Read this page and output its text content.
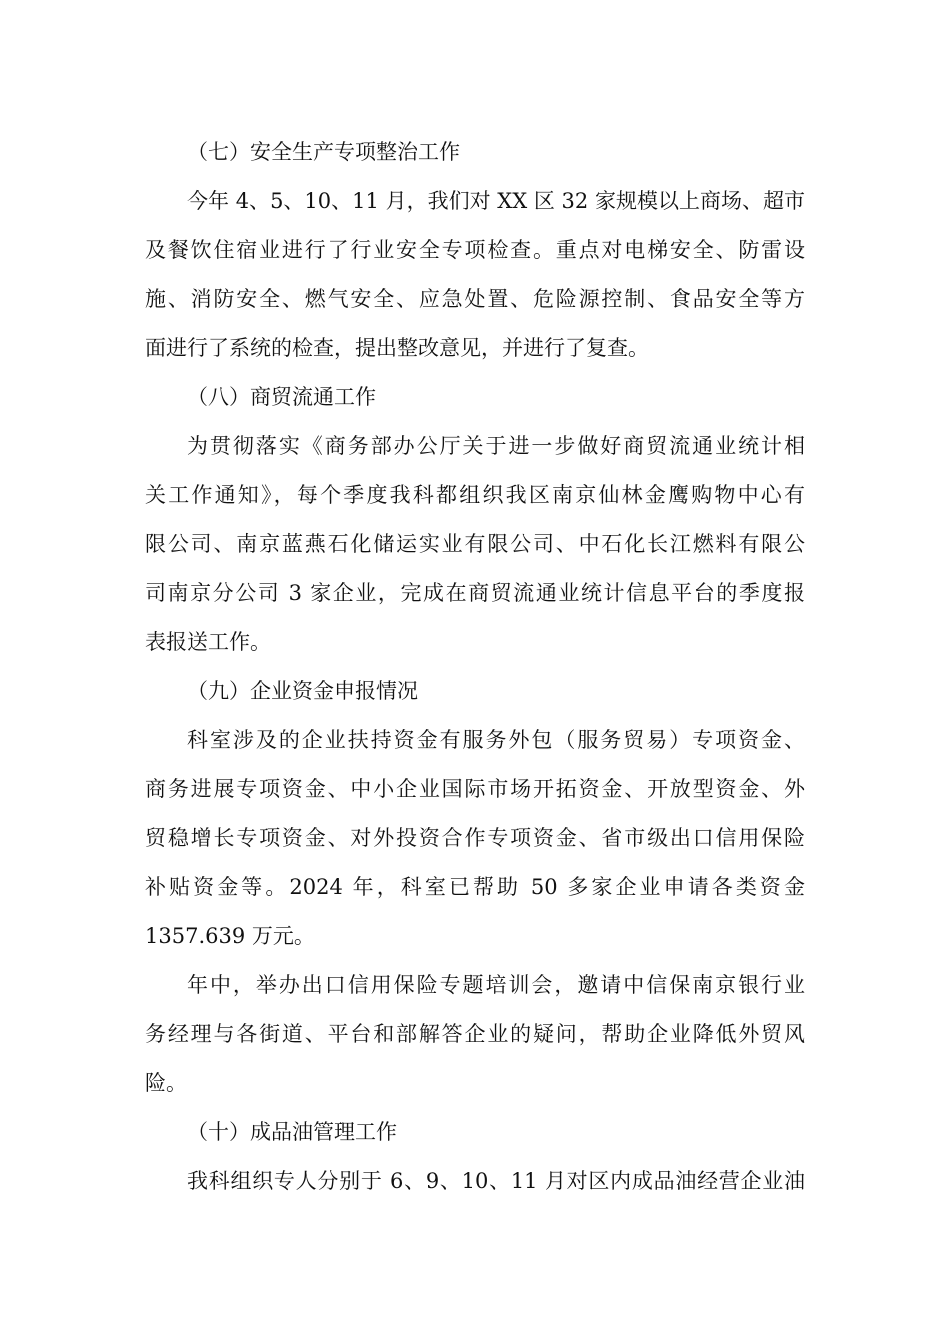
（七）安全生产专项整治工作

今年 4、5、10、11 月，我们对 XX 区 32 家规模以上商场、超市
及餐饮住宿业进行了行业安全专项检查。重点对电梯安全、防雷设
施、消防安全、燃气安全、应急处置、危险源控制、食品安全等方
面进行了系统的检查，提出整改意见，并进行了复查。

（八）商贸流通工作

为贯彻落实《商务部办公厅关于进一步做好商贸流通业统计相
关工作通知》，每个季度我科都组织我区南京仙林金鹰购物中心有
限公司、南京蓝燕石化储运实业有限公司、中石化长江燃料有限公
司南京分公司 3 家企业，完成在商贸流通业统计信息平台的季度报
表报送工作。

（九）企业资金申报情况

科室涉及的企业扶持资金有服务外包（服务贸易）专项资金、
商务进展专项资金、中小企业国际市场开拓资金、开放型资金、外
贸稳增长专项资金、对外投资合作专项资金、省市级出口信用保险
补贴资金等。2024 年，科室已帮助 50 多家企业申请各类资金
1357.639 万元。

年中，举办出口信用保险专题培训会，邀请中信保南京银行业
务经理与各街道、平台和部解答企业的疑问，帮助企业降低外贸风
险。

（十）成品油管理工作

我科组织专人分别于 6、9、10、11 月对区内成品油经营企业油
